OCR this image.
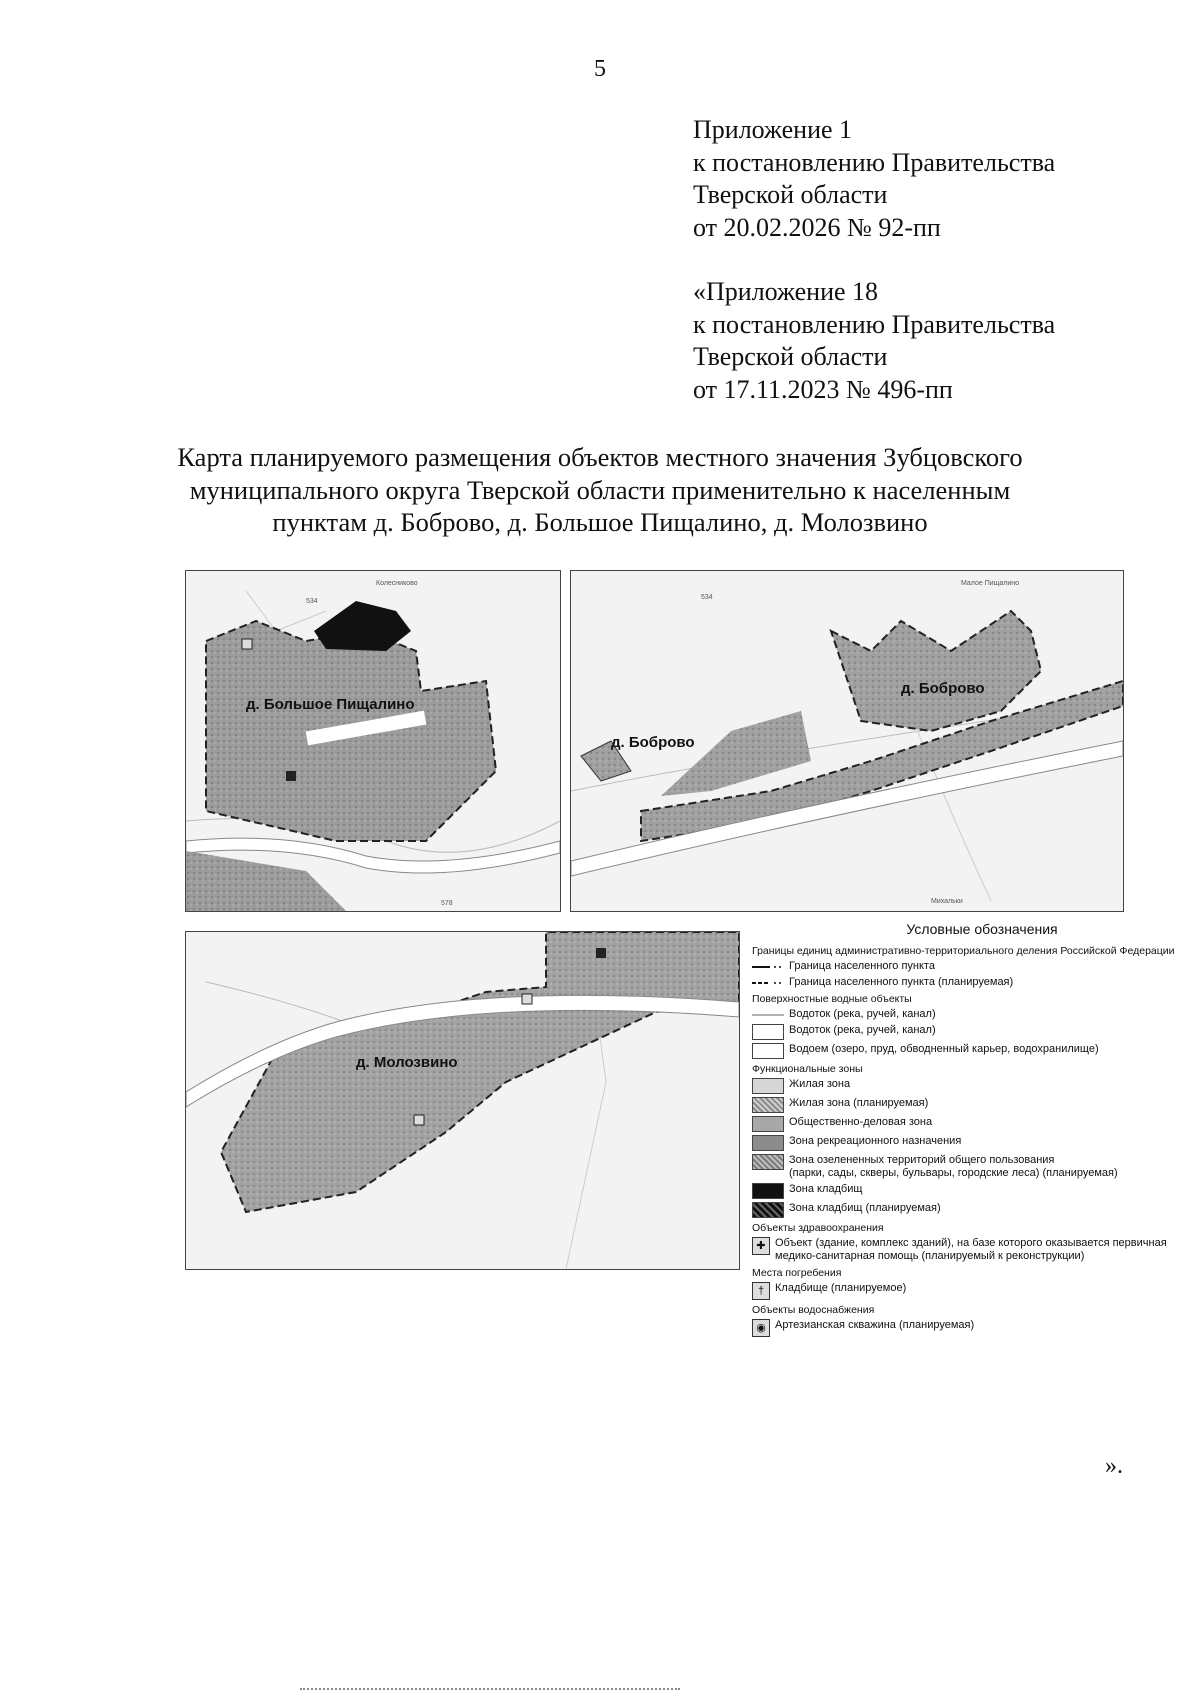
5
Приложение 1
к постановлению Правительства
Тверской области
от 20.02.2026 № 92-пп
«Приложение 18
к постановлению Правительства
Тверской области
от 17.11.2023 № 496-пп
Карта планируемого размещения объектов местного значения Зубцовского
муниципального округа Тверской области применительно к населенным
пунктам д. Боброво, д. Большое Пищалино, д. Молозвино
Колесниково
534
578
д. Большое Пищалино
Малое Пищалино
Михальки
534
д. Боброво
д. Боброво
д. Молозвино
Условные обозначения
Границы единиц административно-территориального деления Российской Федерации
Граница населенного пункта
Граница населенного пункта (планируемая)
Поверхностные водные объекты
Водоток (река, ручей, канал)
Водоток (река, ручей, канал)
Водоем (озеро, пруд, обводненный карьер, водохранилище)
Функциональные зоны
Жилая зона
Жилая зона (планируемая)
Общественно-деловая зона
Зона рекреационного назначения
Зона озелененных территорий общего пользования
(парки, сады, скверы, бульвары, городские леса) (планируемая)
Зона кладбищ
Зона кладбищ (планируемая)
Объекты здравоохранения
✚ Объект (здание, комплекс зданий), на базе которого оказывается первичная медико-санитарная помощь (планируемый к реконструкции)
Места погребения
† Кладбище (планируемое)
Объекты водоснабжения
◉ Артезианская скважина (планируемая)
».
